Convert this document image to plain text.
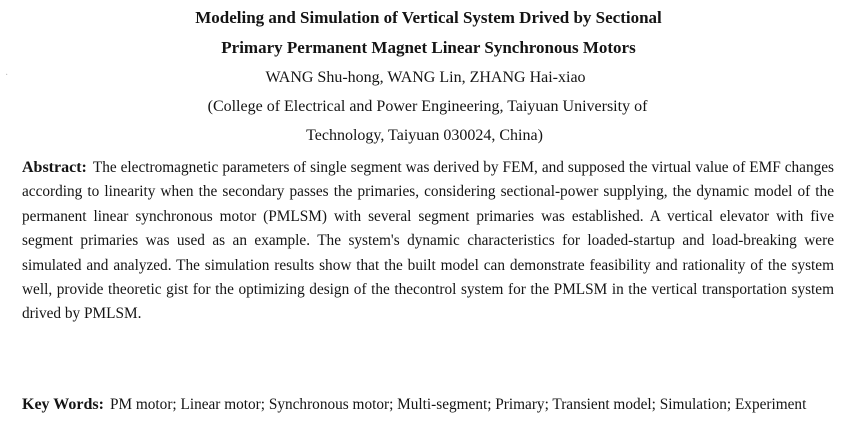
·
Modeling and Simulation of Vertical System Drived by Sectional
Primary Permanent Magnet Linear Synchronous Motors
WANG Shu-hong, WANG Lin, ZHANG Hai-xiao
(College of Electrical and Power Engineering, Taiyuan University of
Technology, Taiyuan 030024, China)
Abstract: The electromagnetic parameters of single segment was derived by FEM, and supposed the virtual value of EMF changes according to linearity when the secondary passes the primaries, considering sectional-power supplying, the dynamic model of the permanent linear synchronous motor (PMLSM) with several segment primaries was established. A vertical elevator with five segment primaries was used as an example. The system's dynamic characteristics for loaded-startup and load-breaking were simulated and analyzed. The simulation results show that the built model can demonstrate feasibility and rationality of the system well, provide theoretic gist for the optimizing design of the thecontrol system for the PMLSM in the vertical transportation system drived by PMLSM.
Key Words: PM motor; Linear motor; Synchronous motor; Multi-segment; Primary; Transient model; Simulation; Experiment
